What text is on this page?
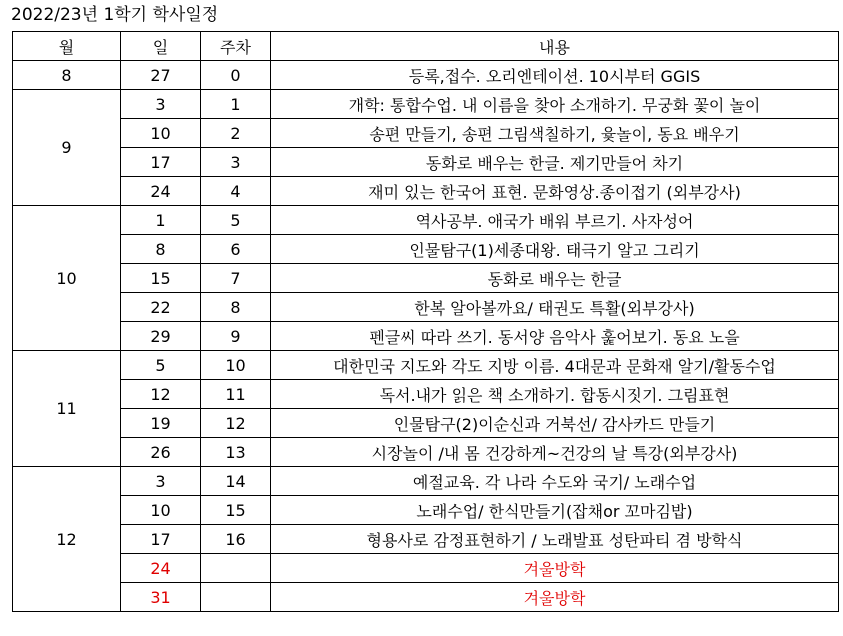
2022/23년 1학기 학사일정
월	일	주차	내용
8	27	0	등록,접수. 오리엔테이션. 10시부터 GGIS
9	3	1	개학: 통합수업. 내 이름을 찾아 소개하기. 무궁화 꽃이 놀이
	10	2	송편 만들기, 송편 그림색칠하기, 윷놀이, 동요 배우기
	17	3	동화로 배우는 한글. 제기만들어 차기
	24	4	재미 있는 한국어 표현. 문화영상.종이접기 (외부강사)
10	1	5	역사공부. 애국가 배워 부르기. 사자성어
	8	6	인물탐구(1)세종대왕. 태극기 알고 그리기
	15	7	동화로 배우는 한글
	22	8	한복 알아볼까요/ 태권도 특활(외부강사)
	29	9	펜글씨 따라 쓰기. 동서양 음악사 훑어보기. 동요 노을
11	5	10	대한민국 지도와 각도 지방 이름. 4대문과 문화재 알기/활동수업
	12	11	독서.내가 읽은 책 소개하기. 합동시짓기. 그림표현
	19	12	인물탐구(2)이순신과 거북선/ 감사카드 만들기
	26	13	시장놀이 /내 몸 건강하게~건강의 날 특강(외부강사)
12	3	14	예절교육. 각 나라 수도와 국기/ 노래수업
	10	15	노래수업/ 한식만들기(잡채or 꼬마김밥)
	17	16	형용사로 감정표현하기 / 노래발표 성탄파티 겸 방학식
	24		겨울방학
	31		겨울방학
